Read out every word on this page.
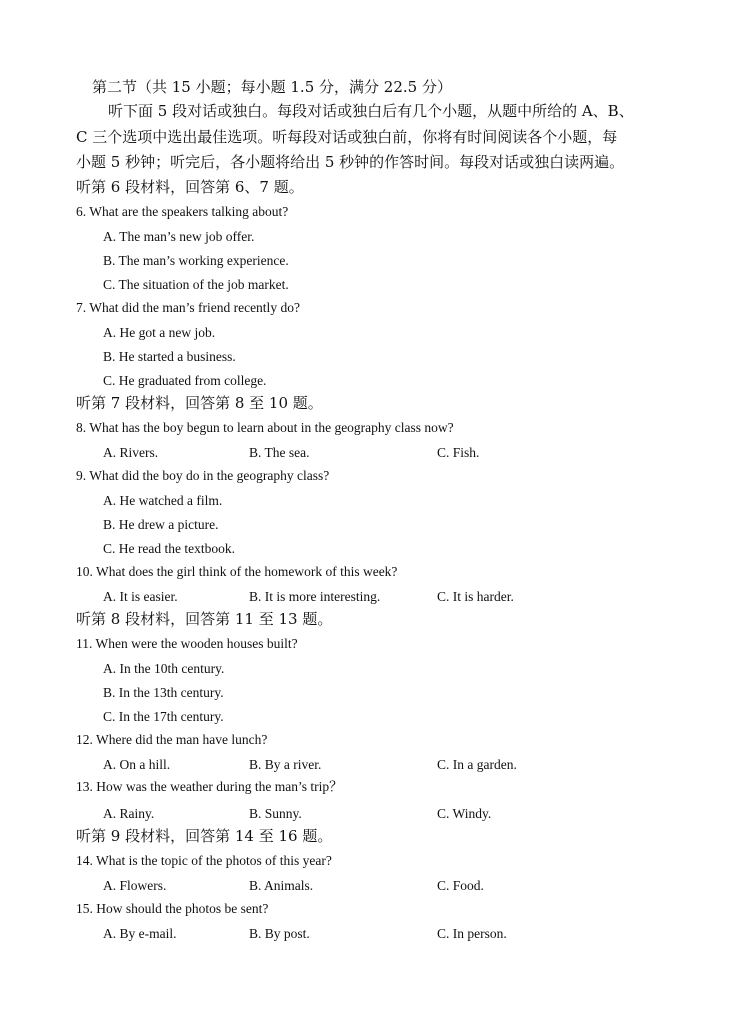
第二节（共 15 小题；每小题 1.5 分，满分 22.5 分）
听下面 5 段对话或独白。每段对话或独白后有几个小题，从题中所给的 A、B、
C 三个选项中选出最佳选项。听每段对话或独白前，你将有时间阅读各个小题，每
小题 5 秒钟；听完后，各小题将给出 5 秒钟的作答时间。每段对话或独白读两遍。
听第 6 段材料，回答第 6、7 题。
6. What are the speakers talking about?
A. The man’s new job offer.
B. The man’s working experience.
C. The situation of the job market.
7. What did the man’s friend recently do?
A. He got a new job.
B. He started a business.
C. He graduated from college.
听第 7 段材料，回答第 8 至 10 题。
8. What has the boy begun to learn about in the geography class now?
A. Rivers.	B. The sea.	C. Fish.
9. What did the boy do in the geography class?
A. He watched a film.
B. He drew a picture.
C. He read the textbook.
10. What does the girl think of the homework of this week?
A. It is easier.	B. It is more interesting.	C. It is harder.
听第 8 段材料，回答第 11 至 13 题。
11. When were the wooden houses built?
A. In the 10th century.
B. In the 13th century.
C. In the 17th century.
12. Where did the man have lunch?
A. On a hill.	B. By a river.	C. In a garden.
13. How was the weather during the man’s trip？
A. Rainy.	B. Sunny.	C. Windy.
听第 9 段材料，回答第 14 至 16 题。
14. What is the topic of the photos of this year?
A. Flowers.	B. Animals.	C. Food.
15. How should the photos be sent?
A. By e-mail.	B. By post.	C. In person.
